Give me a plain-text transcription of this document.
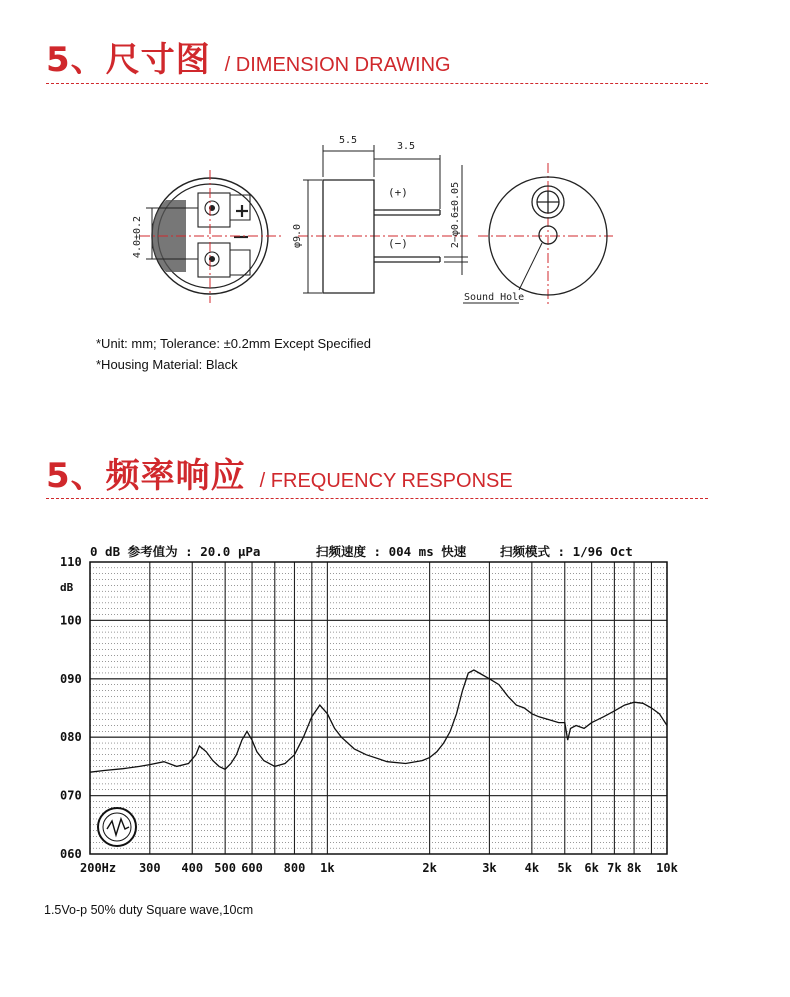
5、尺寸图 / DIMENSION DRAWING
4.0±0.2
5.5
3.5
φ9.0	2−φ0.6±0.05
(+)
(−)
Sound Hole
*Unit: mm; Tolerance: ±0.2mm Except Specified
*Housing Material: Black
5、频率响应 / FREQUENCY RESPONSE
0 dB 参考值为 : 20.0 μPa	扫频速度 : 004 ms 快速	扫频模式 : 1/96 Oct
dB
110
100
090
080
070
060
200Hz 300 400 500 600 800 1k	2k	3k 4k 5k 6k 7k 8k 10k
1.5Vo-p 50% duty Square wave,10cm
